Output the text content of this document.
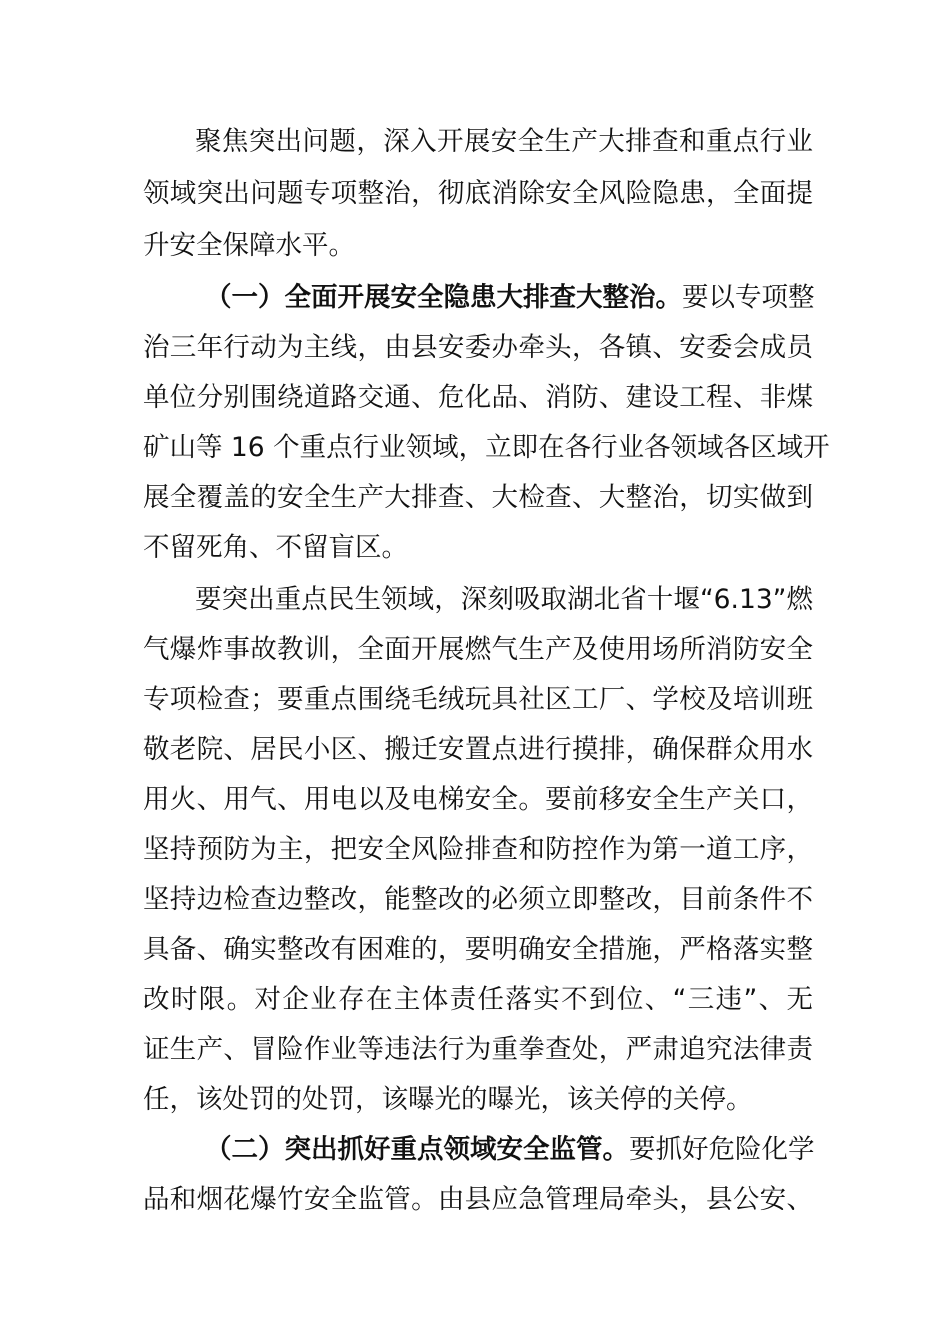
聚焦突出问题，深入开展安全生产大排查和重点行业
领域突出问题专项整治，彻底消除安全风险隐患，全面提
升安全保障水平。
（一）全面开展安全隐患大排查大整治。要以专项整
治三年行动为主线，由县安委办牵头，各镇、安委会成员
单位分别围绕道路交通、危化品、消防、建设工程、非煤
矿山等 16 个重点行业领域，立即在各行业各领域各区域开
展全覆盖的安全生产大排查、大检查、大整治，切实做到
不留死角、不留盲区。
要突出重点民生领域，深刻吸取湖北省十堰“6.13”燃
气爆炸事故教训，全面开展燃气生产及使用场所消防安全
专项检查；要重点围绕毛绒玩具社区工厂、学校及培训班
敬老院、居民小区、搬迁安置点进行摸排，确保群众用水
用火、用气、用电以及电梯安全。要前移安全生产关口，
坚持预防为主，把安全风险排查和防控作为第一道工序，
坚持边检查边整改，能整改的必须立即整改，目前条件不
具备、确实整改有困难的，要明确安全措施，严格落实整
改时限。对企业存在主体责任落实不到位、“三违”、无
证生产、冒险作业等违法行为重拳查处，严肃追究法律责
任，该处罚的处罚，该曝光的曝光，该关停的关停。
（二）突出抓好重点领域安全监管。要抓好危险化学
品和烟花爆竹安全监管。由县应急管理局牵头，县公安、
